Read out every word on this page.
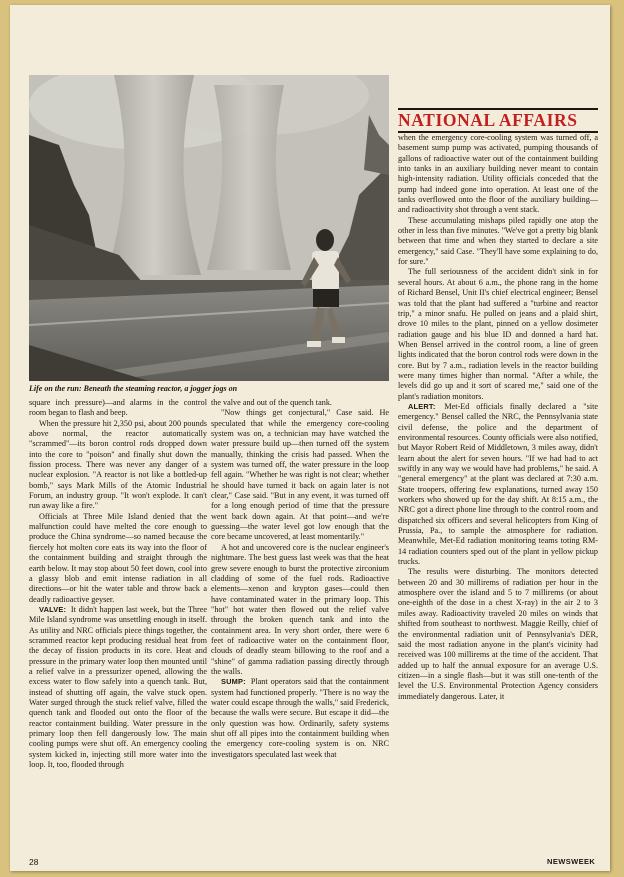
Life on the run: Beneath the steaming reactor, a jogger jogs on
NATIONAL AFFAIRS

square inch pressure)—and alarms in the control room began to flash and beep.

When the pressure hit 2,350 psi, about 200 pounds above normal, the reactor automatically "scrammed"—its boron control rods dropped down into the core to "poison" and finally shut down the fission process. There was never any danger of a nuclear explosion. "A reactor is not like a bottled-up bomb," says Mark Mills of the Atomic Industrial Forum, an industry group. "It won't explode. It can't run away like a fire."

Officials at Three Mile Island denied that the malfunction could have melted the core enough to produce the China syndrome—so named because the fiercely hot molten core eats its way into the floor of the containment building and straight through the earth below. It may stop about 50 feet down, cool into a glassy blob and emit intense radiation in all directions—or hit the water table and throw back a deadly radioactive geyser.

VALVE: It didn't happen last week, but the Three Mile Island syndrome was unsettling enough in itself. As utility and NRC officials piece things together, the scrammed reactor kept producing residual heat from the decay of fission products in its core. Heat and pressure in the primary water loop then mounted until a relief valve in a pressurizer opened, allowing the excess water to flow safely into a quench tank. But, instead of shutting off again, the valve stuck open. Water surged through the stuck relief valve, filled the quench tank and flooded out onto the floor of the reactor containment building. Water pressure in the primary loop then fell dangerously low. The main cooling pumps were shut off. An emergency cooling system kicked in, injecting still more water into the loop. It, too, flooded through

the valve and out of the quench tank.

"Now things get conjectural," Case said. He speculated that while the emergency core-cooling system was on, a technician may have watched the water pressure build up—then turned off the system manually, thinking the crisis had passed. When the system was turned off, the water pressure in the loop fell again. "Whether he was right is not clear; whether he should have turned it back on again later is not clear," Case said. "But in any event, it was turned off for a long enough period of time that the pressure went back down again. At that point—and we're guessing—the water level got low enough that the core became uncovered, at least momentarily."

A hot and uncovered core is the nuclear engineer's nightmare. The best guess last week was that the heat grew severe enough to burst the protective zirconium cladding of some of the fuel rods. Radioactive elements—xenon and krypton gases—could then have contaminated water in the primary loop. This "hot" hot water then flowed out the relief valve through the broken quench tank and into the containment area. In very short order, there were 6 feet of radioactive water on the containment floor, clouds of deadly steam billowing to the roof and a "shine" of gamma radiation passing directly through the walls.

SUMP: Plant operators said that the containment system had functioned properly. "There is no way the water could escape through the walls," said Frederick, because the walls were secure. But escape it did—the only question was how. Ordinarily, safety systems shut off all pipes into the containment building when the emergency core-cooling system is on. NRC investigators speculated last week that

when the emergency core-cooling system was turned off, a basement sump pump was activated, pumping thousands of gallons of radioactive water out of the containment building into tanks in an auxiliary building never meant to contain high-intensity radiation. Utility officials conceded that the pump had indeed gone into operation. At least one of the tanks overflowed onto the floor of the auxiliary building—and radioactivity shot through a vent stack.

These accumulating mishaps piled rapidly one atop the other in less than five minutes. "We've got a pretty big blank between that time and when they started to declare a site emergency," said Case. "They'll have some explaining to do, for sure."

The full seriousness of the accident didn't sink in for several hours. At about 6 a.m., the phone rang in the home of Richard Bensel, Unit II's chief electrical engineer; Bensel was told that the plant had suffered a "turbine and reactor trip," a minor snafu. He pulled on jeans and a plaid shirt, drove 10 miles to the plant, pinned on a yellow dosimeter radiation gauge and his blue ID and donned a hard hat. When Bensel arrived in the control room, a line of green lights indicated that the boron control rods were down in the core. But by 7 a.m., radiation levels in the reactor building were many times higher than normal. "After a while, the levels did go up and it sort of scared me," said one of the plant's radiation monitors.

ALERT: Met-Ed officials finally declared a "site emergency." Bensel called the NRC, the Pennsylvania state civil defense, the police and the department of environmental resources. County officials were also notified, but Mayor Robert Reid of Middletown, 3 miles away, didn't learn about the alert for seven hours. "If we had had to act swiftly in any way we would have had problems," he said. A "general emergency" at the plant was declared at 7:30 a.m. State troopers, offering few explanations, turned away 150 workers who showed up for the day shift. At 8:15 a.m., the NRC got a direct phone line through to the control room and dispatched six officers and several helicopters from King of Prussia, Pa., to sample the atmosphere for radiation. Meanwhile, Met-Ed radiation monitoring teams toting RM-14 radiation counters sped out of the plant in yellow pickup trucks.

The results were disturbing. The monitors detected between 20 and 30 millirems of radiation per hour in the atmosphere over the island and 5 to 7 millirems (or about one-eighth of the dose in a chest X-ray) in the air 2 to 3 miles away. Radioactivity traveled 20 miles on winds that shifted from southeast to northwest. Maggie Reilly, chief of the environmental radiation unit of Pennsylvania's DER, said the most radiation anyone in the plant's vicinity had received was 100 millirems at the time of the accident. That added up to half the annual exposure for an average U.S. citizen—in a single flash—but it was still one-tenth of the level the U.S. Environmental Protection Agency considers immediately dangerous. Later, it

28	NEWSWEEK
